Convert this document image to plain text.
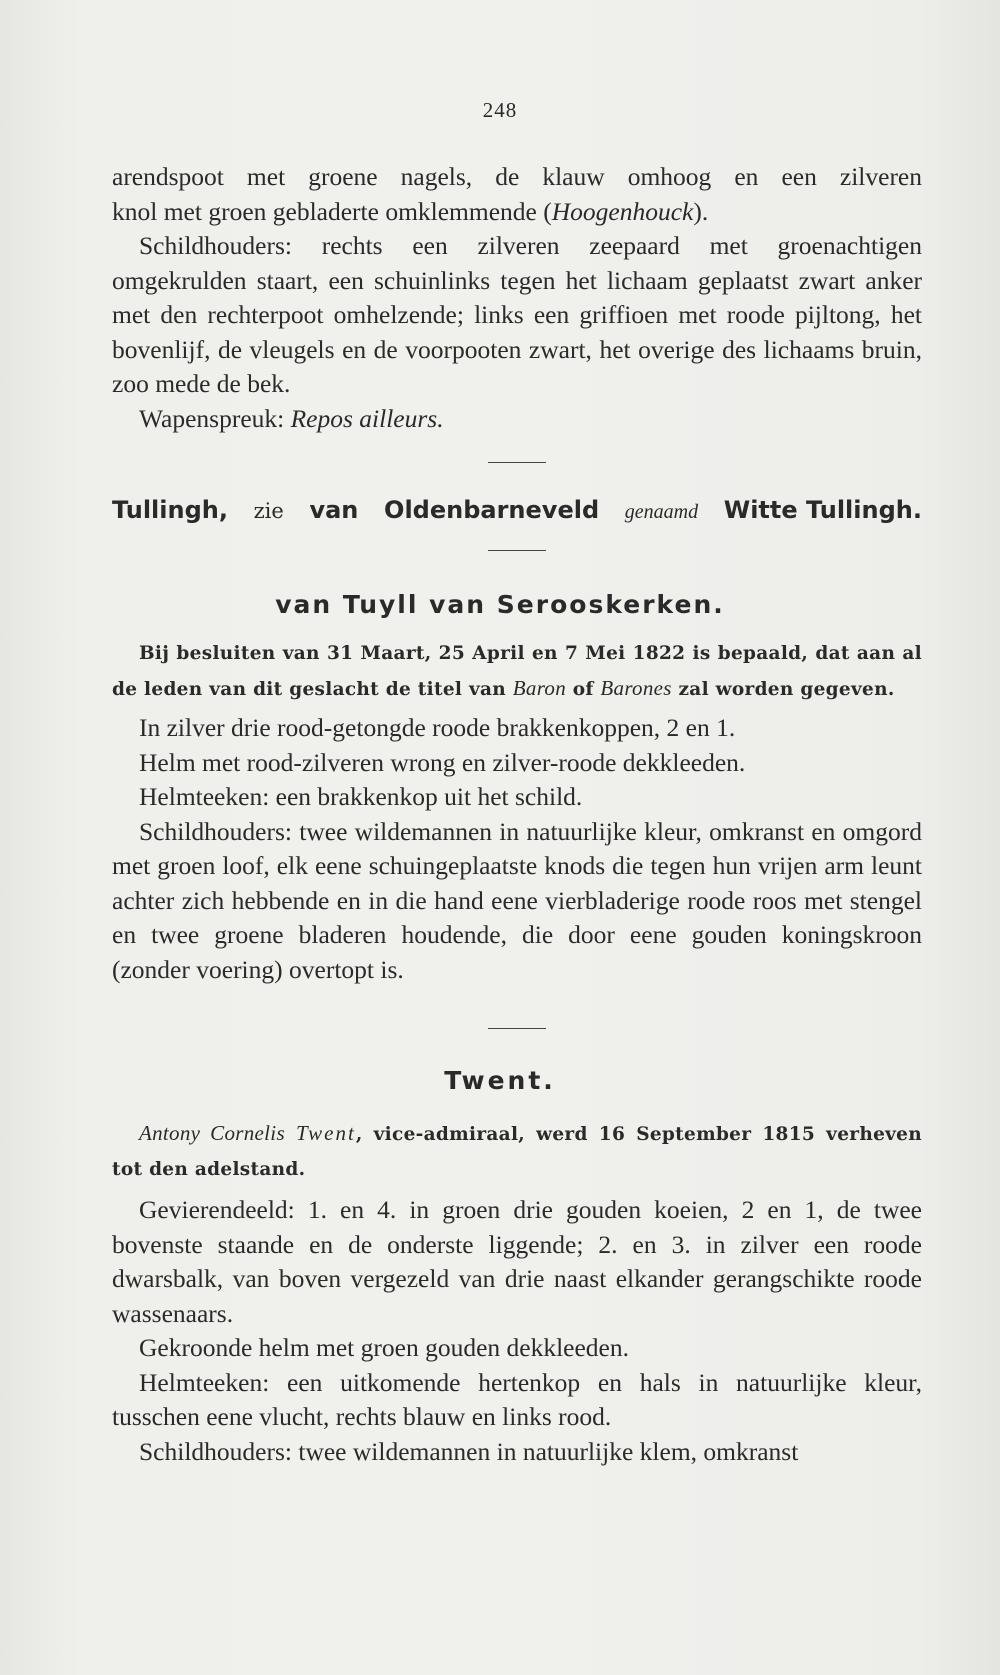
248

arendspoot met groene nagels, de klauw omhoog en een zilveren

knol met groen gebladerte omklemmende (Hoogenhouck).

Schildhouders: rechts een zilveren zeepaard met groenachtigen omgekrulden staart, een schuinlinks tegen het lichaam geplaatst zwart anker met den rechterpoot omhelzende; links een griffioen met roode pijltong, het bovenlijf, de vleugels en de voorpooten zwart, het overige des lichaams bruin, zoo mede de bek.

Wapenspreuk: Repos ailleurs.

Tullingh, zie van Oldenbarneveld genaamd Witte Tullingh.
van Tuyll van Serooskerken.

Bij besluiten van 31 Maart, 25 April en 7 Mei 1822 is bepaald, dat aan al de leden van dit geslacht de titel van Baron of Barones zal worden gegeven.

In zilver drie rood-getongde roode brakkenkoppen, 2 en 1.

Helm met rood-zilveren wrong en zilver-roode dekkleeden.

Helmteeken: een brakkenkop uit het schild.

Schildhouders: twee wildemannen in natuurlijke kleur, omkranst en omgord met groen loof, elk eene schuingeplaatste knods die tegen hun vrijen arm leunt achter zich hebbende en in die hand eene vierbladerige roode roos met stengel en twee groene bladeren houdende, die door eene gouden koningskroon (zonder voering) overtopt is.

Twent.

Antony Cornelis Twent, vice-admiraal, werd 16 September 1815 verheven tot den adelstand.

Gevierendeeld: 1. en 4. in groen drie gouden koeien, 2 en 1, de twee bovenste staande en de onderste liggende; 2. en 3. in zilver een roode dwarsbalk, van boven vergezeld van drie naast elkander gerangschikte roode wassenaars.

Gekroonde helm met groen gouden dekkleeden.

Helmteeken: een uitkomende hertenkop en hals in natuurlijke kleur, tusschen eene vlucht, rechts blauw en links rood.

Schildhouders: twee wildemannen in natuurlijke klem, omkranst
